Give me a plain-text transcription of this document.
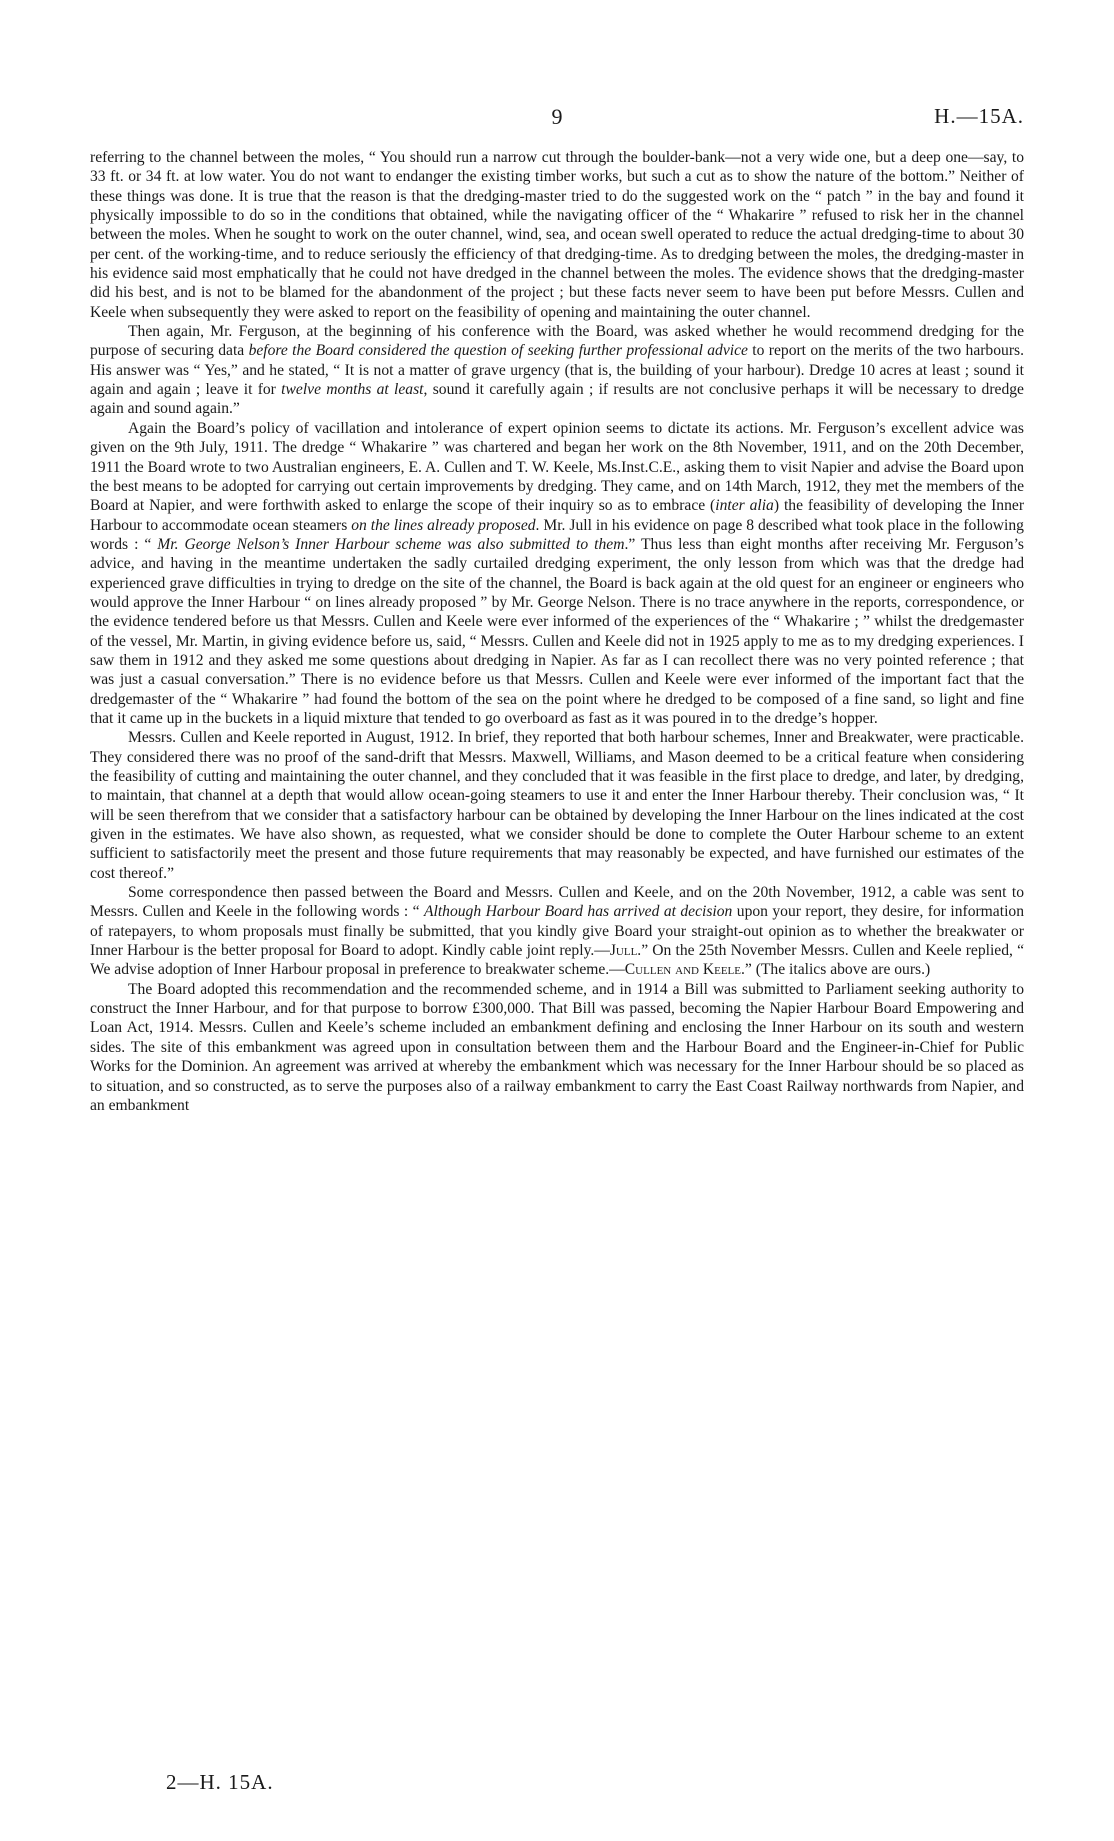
9	H.—15A.

referring to the channel between the moles, “ You should run a narrow cut through the boulder-bank—not a very wide one, but a deep one—say, to 33 ft. or 34 ft. at low water. You do not want to endanger the existing timber works, but such a cut as to show the nature of the bottom.” Neither of these things was done. It is true that the reason is that the dredging-master tried to do the suggested work on the “ patch ” in the bay and found it physically impossible to do so in the conditions that obtained, while the navigating officer of the “ Whakarire ” refused to risk her in the channel between the moles. When he sought to work on the outer channel, wind, sea, and ocean swell operated to reduce the actual dredging-time to about 30 per cent. of the working-time, and to reduce seriously the efficiency of that dredging-time. As to dredging between the moles, the dredging-master in his evidence said most emphatically that he could not have dredged in the channel between the moles. The evidence shows that the dredging-master did his best, and is not to be blamed for the abandonment of the project ; but these facts never seem to have been put before Messrs. Cullen and Keele when subsequently they were asked to report on the feasibility of opening and maintaining the outer channel.

Then again, Mr. Ferguson, at the beginning of his conference with the Board, was asked whether he would recommend dredging for the purpose of securing data before the Board considered the question of seeking further professional advice to report on the merits of the two harbours. His answer was “ Yes,” and he stated, “ It is not a matter of grave urgency (that is, the building of your harbour). Dredge 10 acres at least ; sound it again and again ; leave it for twelve months at least, sound it carefully again ; if results are not conclusive perhaps it will be necessary to dredge again and sound again.”

Again the Board’s policy of vacillation and intolerance of expert opinion seems to dictate its actions. Mr. Ferguson’s excellent advice was given on the 9th July, 1911. The dredge “ Whakarire ” was chartered and began her work on the 8th November, 1911, and on the 20th December, 1911 the Board wrote to two Australian engineers, E. A. Cullen and T. W. Keele, Ms.Inst.C.E., asking them to visit Napier and advise the Board upon the best means to be adopted for carrying out certain improvements by dredging. They came, and on 14th March, 1912, they met the members of the Board at Napier, and were forthwith asked to enlarge the scope of their inquiry so as to embrace (inter alia) the feasibility of developing the Inner Harbour to accommodate ocean steamers on the lines already proposed. Mr. Jull in his evidence on page 8 described what took place in the following words : “ Mr. George Nelson’s Inner Harbour scheme was also submitted to them.” Thus less than eight months after receiving Mr. Ferguson’s advice, and having in the meantime undertaken the sadly curtailed dredging experiment, the only lesson from which was that the dredge had experienced grave difficulties in trying to dredge on the site of the channel, the Board is back again at the old quest for an engineer or engineers who would approve the Inner Harbour “ on lines already proposed ” by Mr. George Nelson. There is no trace anywhere in the reports, correspondence, or the evidence tendered before us that Messrs. Cullen and Keele were ever informed of the experiences of the “ Whakarire ; ” whilst the dredgemaster of the vessel, Mr. Martin, in giving evidence before us, said, “ Messrs. Cullen and Keele did not in 1925 apply to me as to my dredging experiences. I saw them in 1912 and they asked me some questions about dredging in Napier. As far as I can recollect there was no very pointed reference ; that was just a casual conversation.” There is no evidence before us that Messrs. Cullen and Keele were ever informed of the important fact that the dredgemaster of the “ Whakarire ” had found the bottom of the sea on the point where he dredged to be composed of a fine sand, so light and fine that it came up in the buckets in a liquid mixture that tended to go overboard as fast as it was poured in to the dredge’s hopper.

Messrs. Cullen and Keele reported in August, 1912. In brief, they reported that both harbour schemes, Inner and Breakwater, were practicable. They considered there was no proof of the sand-drift that Messrs. Maxwell, Williams, and Mason deemed to be a critical feature when considering the feasibility of cutting and maintaining the outer channel, and they concluded that it was feasible in the first place to dredge, and later, by dredging, to maintain, that channel at a depth that would allow ocean-going steamers to use it and enter the Inner Harbour thereby. Their conclusion was, “ It will be seen therefrom that we consider that a satisfactory harbour can be obtained by developing the Inner Harbour on the lines indicated at the cost given in the estimates. We have also shown, as requested, what we consider should be done to complete the Outer Harbour scheme to an extent sufficient to satisfactorily meet the present and those future requirements that may reasonably be expected, and have furnished our estimates of the cost thereof.”

Some correspondence then passed between the Board and Messrs. Cullen and Keele, and on the 20th November, 1912, a cable was sent to Messrs. Cullen and Keele in the following words : “ Although Harbour Board has arrived at decision upon your report, they desire, for information of ratepayers, to whom proposals must finally be submitted, that you kindly give Board your straight-out opinion as to whether the breakwater or Inner Harbour is the better proposal for Board to adopt. Kindly cable joint reply.—Jull.” On the 25th November Messrs. Cullen and Keele replied, “ We advise adoption of Inner Harbour proposal in preference to breakwater scheme.—Cullen and Keele.” (The italics above are ours.)

The Board adopted this recommendation and the recommended scheme, and in 1914 a Bill was submitted to Parliament seeking authority to construct the Inner Harbour, and for that purpose to borrow £300,000. That Bill was passed, becoming the Napier Harbour Board Empowering and Loan Act, 1914. Messrs. Cullen and Keele’s scheme included an embankment defining and enclosing the Inner Harbour on its south and western sides. The site of this embankment was agreed upon in consultation between them and the Harbour Board and the Engineer-in-Chief for Public Works for the Dominion. An agreement was arrived at whereby the embankment which was necessary for the Inner Harbour should be so placed as to situation, and so constructed, as to serve the purposes also of a railway embankment to carry the East Coast Railway northwards from Napier, and an embankment

2—H. 15A.
